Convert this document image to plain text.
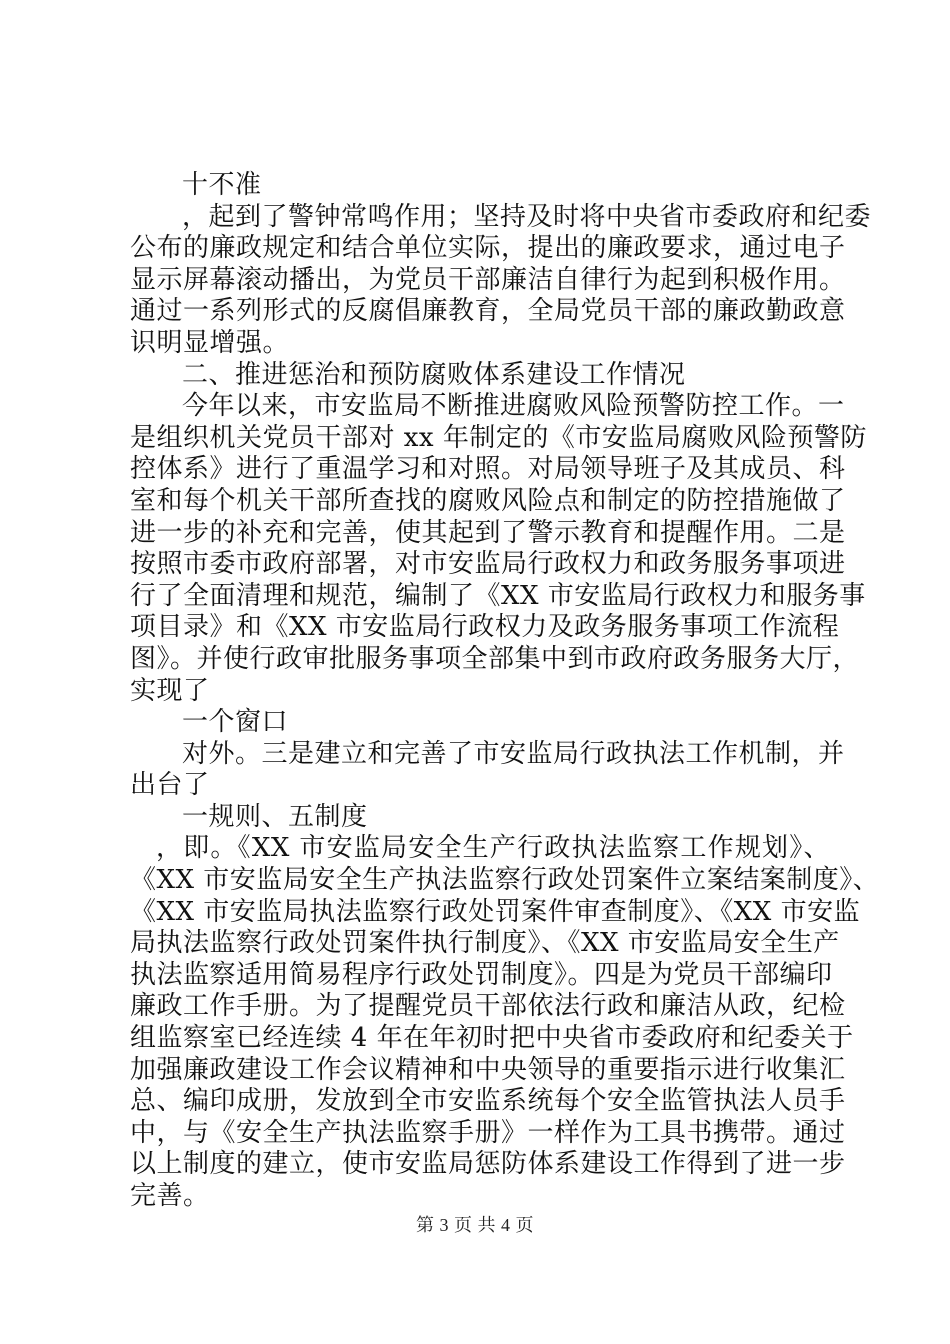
十不准
，起到了警钟常鸣作用；坚持及时将中央省市委政府和纪委
公布的廉政规定和结合单位实际，提出的廉政要求，通过电子
显示屏幕滚动播出，为党员干部廉洁自律行为起到积极作用。
通过一系列形式的反腐倡廉教育，全局党员干部的廉政勤政意
识明显增强。
二、推进惩治和预防腐败体系建设工作情况
今年以来，市安监局不断推进腐败风险预警防控工作。一
是组织机关党员干部对 xx 年制定的《市安监局腐败风险预警防
控体系》进行了重温学习和对照。对局领导班子及其成员、科
室和每个机关干部所查找的腐败风险点和制定的防控措施做了
进一步的补充和完善，使其起到了警示教育和提醒作用。二是
按照市委市政府部署，对市安监局行政权力和政务服务事项进
行了全面清理和规范，编制了《XX 市安监局行政权力和服务事
项目录》和《XX 市安监局行政权力及政务服务事项工作流程
图》。并使行政审批服务事项全部集中到市政府政务服务大厅，
实现了
一个窗口
对外。三是建立和完善了市安监局行政执法工作机制，并
出台了
一规则、五制度
，即。《XX 市安监局安全生产行政执法监察工作规划》、
《XX 市安监局安全生产执法监察行政处罚案件立案结案制度》、
《XX 市安监局执法监察行政处罚案件审查制度》、《XX 市安监
局执法监察行政处罚案件执行制度》、《XX 市安监局安全生产
执法监察适用简易程序行政处罚制度》。四是为党员干部编印
廉政工作手册。为了提醒党员干部依法行政和廉洁从政，纪检
组监察室已经连续 4 年在年初时把中央省市委政府和纪委关于
加强廉政建设工作会议精神和中央领导的重要指示进行收集汇
总、编印成册，发放到全市安监系统每个安全监管执法人员手
中，与《安全生产执法监察手册》一样作为工具书携带。通过
以上制度的建立，使市安监局惩防体系建设工作得到了进一步
完善。
第 3 页 共 4 页
